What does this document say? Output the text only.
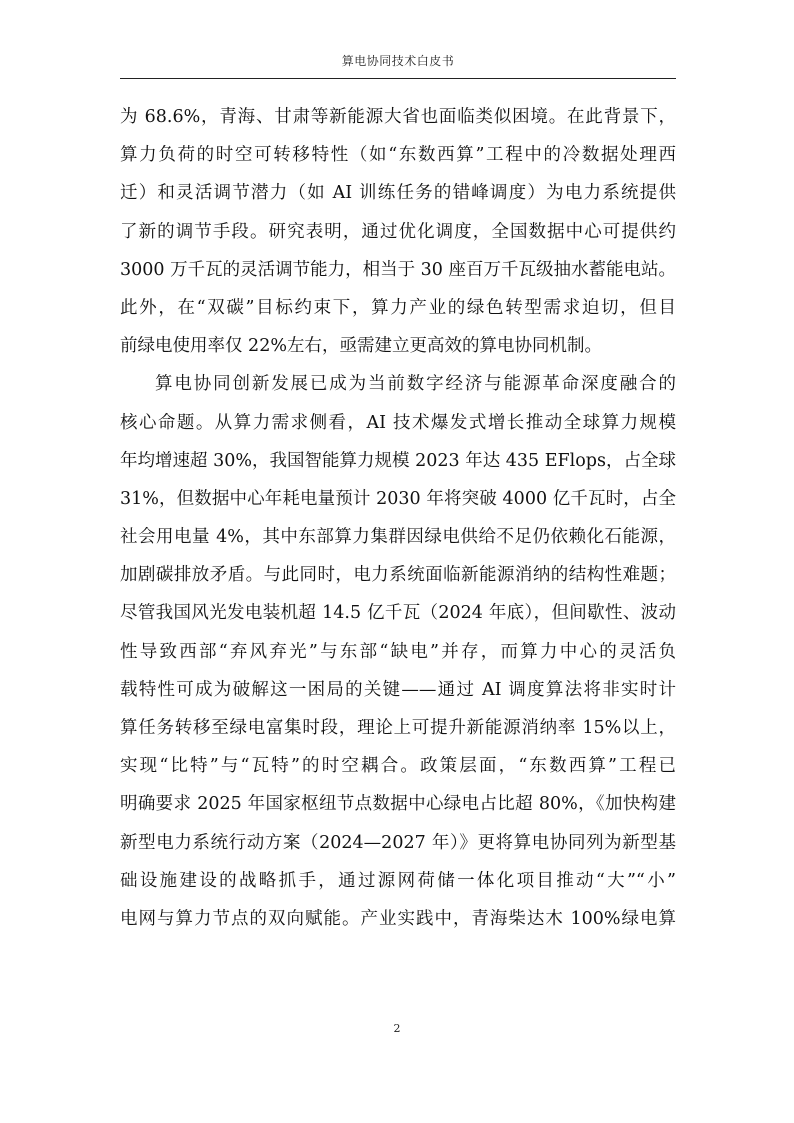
算电协同技术白皮书
为 68.6%，青海、甘肃等新能源大省也面临类似困境。在此背景下，
算力负荷的时空可转移特性（如“东数西算”工程中的冷数据处理西
迁）和灵活调节潜力（如 AI 训练任务的错峰调度）为电力系统提供
了新的调节手段。研究表明，通过优化调度，全国数据中心可提供约
3000 万千瓦的灵活调节能力，相当于 30 座百万千瓦级抽水蓄能电站。
此外，在“双碳”目标约束下，算力产业的绿色转型需求迫切，但目
前绿电使用率仅 22%左右，亟需建立更高效的算电协同机制。
算电协同创新发展已成为当前数字经济与能源革命深度融合的
核心命题。从算力需求侧看，AI 技术爆发式增长推动全球算力规模
年均增速超 30%，我国智能算力规模 2023 年达 435 EFlops，占全球
31%，但数据中心年耗电量预计 2030 年将突破 4000 亿千瓦时，占全
社会用电量 4%，其中东部算力集群因绿电供给不足仍依赖化石能源，
加剧碳排放矛盾。与此同时，电力系统面临新能源消纳的结构性难题；
尽管我国风光发电装机超 14.5 亿千瓦（2024 年底），但间歇性、波动
性导致西部“弃风弃光”与东部“缺电”并存，而算力中心的灵活负
载特性可成为破解这一困局的关键——通过 AI 调度算法将非实时计
算任务转移至绿电富集时段，理论上可提升新能源消纳率 15%以上，
实现“比特”与“瓦特”的时空耦合。政策层面，“东数西算”工程已
明确要求 2025 年国家枢纽节点数据中心绿电占比超 80%，《加快构建
新型电力系统行动方案（2024—2027 年）》更将算电协同列为新型基
础设施建设的战略抓手，通过源网荷储一体化项目推动“大”“小”
电网与算力节点的双向赋能。产业实践中，青海柴达木 100%绿电算
2
